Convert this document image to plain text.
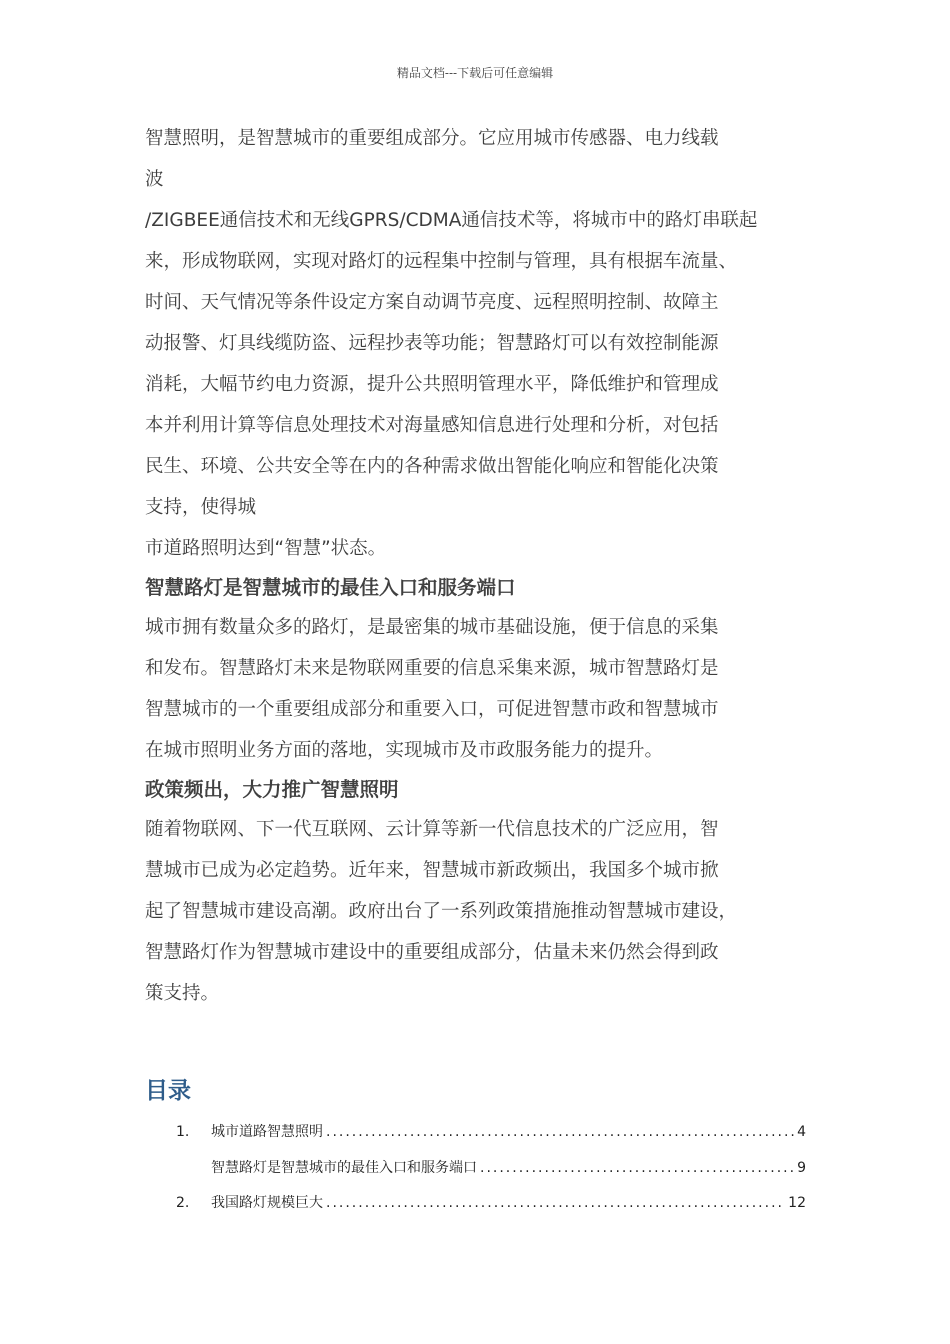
精品文档---下载后可任意编辑

智慧照明，是智慧城市的重要组成部分。它应用城市传感器、电力线载

波

/ZIGBEE通信技术和无线GPRS/CDMA通信技术等，将城市中的路灯串联起

来，形成物联网，实现对路灯的远程集中控制与管理，具有根据车流量、

时间、天气情况等条件设定方案自动调节亮度、远程照明控制、故障主

动报警、灯具线缆防盗、远程抄表等功能；智慧路灯可以有效控制能源

消耗，大幅节约电力资源，提升公共照明管理水平，降低维护和管理成

本并利用计算等信息处理技术对海量感知信息进行处理和分析，对包括

民生、环境、公共安全等在内的各种需求做出智能化响应和智能化决策

支持，使得城

市道路照明达到“智慧”状态。

智慧路灯是智慧城市的最佳入口和服务端口

城市拥有数量众多的路灯，是最密集的城市基础设施，便于信息的采集

和发布。智慧路灯未来是物联网重要的信息采集来源，城市智慧路灯是

智慧城市的一个重要组成部分和重要入口，可促进智慧市政和智慧城市

在城市照明业务方面的落地，实现城市及市政服务能力的提升。

政策频出，大力推广智慧照明

随着物联网、下一代互联网、云计算等新一代信息技术的广泛应用，智

慧城市已成为必定趋势。近年来，智慧城市新政频出，我国多个城市掀

起了智慧城市建设高潮。政府出台了一系列政策措施推动智慧城市建设，

智慧路灯作为智慧城市建设中的重要组成部分，估量未来仍然会得到政

策支持。

目录
1.	城市道路智慧照明 .....	4
智慧路灯是智慧城市的最佳入口和服务端口 .....	9
2.	我国路灯规模巨大 .....	12
